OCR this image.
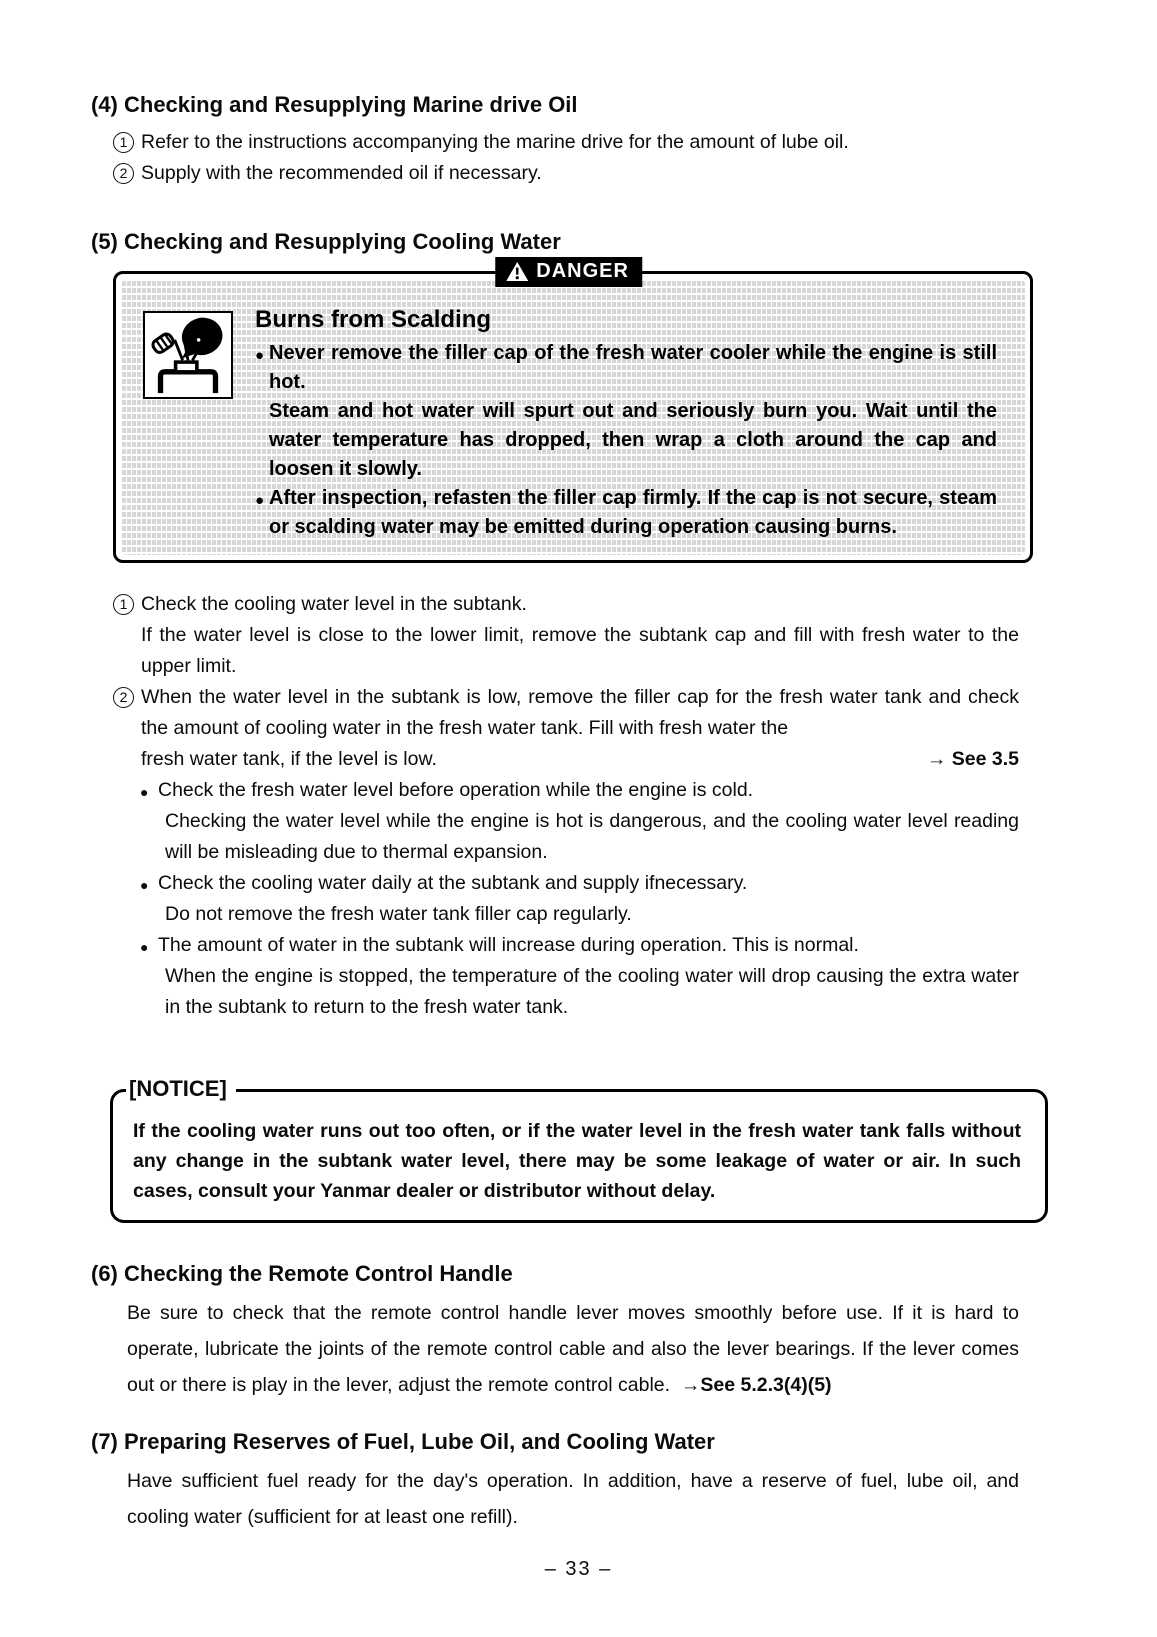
(4) Checking and Resupplying Marine drive Oil
1 Refer to the instructions accompanying the marine drive for the amount of lube oil.
2 Supply with the recommended oil if necessary.
(5) Checking and Resupplying Cooling Water
DANGER
Burns from Scalding
● Never remove the filler cap of the fresh water cooler while the engine is still hot.
Steam and hot water will spurt out and seriously burn you. Wait until the water temperature has dropped, then wrap a cloth around the cap and loosen it slowly.
● After inspection, refasten the filler cap firmly. If the cap is not secure, steam or scalding water may be emitted during operation causing burns.
1 Check the cooling water level in the subtank.
If the water level is close to the lower limit, remove the subtank cap and fill with fresh water to the upper limit.
2 When the water level in the subtank is low, remove the filler cap for the fresh water tank and check the amount of cooling water in the fresh water tank. Fill with fresh water the
fresh water tank, if the level is low.	→ See 3.5
● Check the fresh water level before operation while the engine is cold.
Checking the water level while the engine is hot is dangerous, and the cooling water level reading will be misleading due to thermal expansion.
● Check the cooling water daily at the subtank and supply ifnecessary.
Do not remove the fresh water tank filler cap regularly.
● The amount of water in the subtank will increase during operation. This is normal.
When the engine is stopped, the temperature of the cooling water will drop causing the extra water in the subtank to return to the fresh water tank.
[NOTICE]
If the cooling water runs out too often, or if the water level in the fresh water tank falls without any change in the subtank water level, there may be some leakage of water or air. In such cases, consult your Yanmar dealer or distributor without delay.
(6) Checking the Remote Control Handle

Be sure to check that the remote control handle lever moves smoothly before use. If it is hard to operate, lubricate the joints of the remote control cable and also the lever bearings. If the lever comes out or there is play in the lever, adjust the remote control cable. →See 5.2.3(4)(5)

(7) Preparing Reserves of Fuel, Lube Oil, and Cooling Water

Have sufficient fuel ready for the day's operation. In addition, have a reserve of fuel, lube oil, and cooling water (sufficient for at least one refill).

– 33 –
